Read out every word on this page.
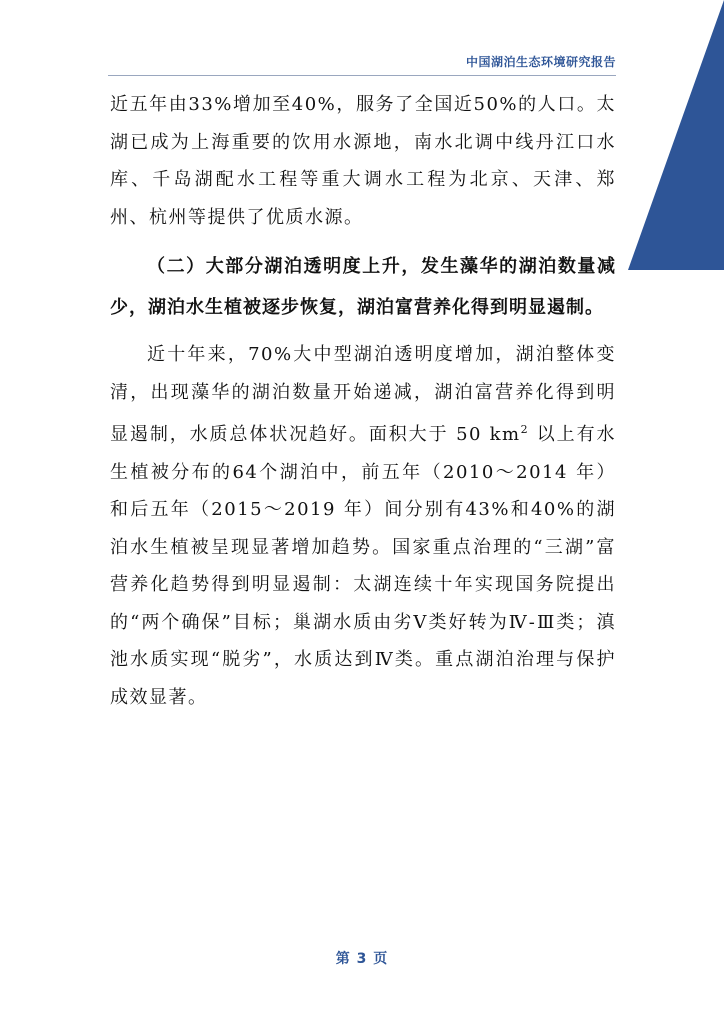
中国湖泊生态环境研究报告

近五年由33%增加至40%，服务了全国近50%的人口。太湖已成为上海重要的饮用水源地，南水北调中线丹江口水库、千岛湖配水工程等重大调水工程为北京、天津、郑州、杭州等提供了优质水源。

（二）大部分湖泊透明度上升，发生藻华的湖泊数量减少，湖泊水生植被逐步恢复，湖泊富营养化得到明显遏制。

近十年来，70%大中型湖泊透明度增加，湖泊整体变清，出现藻华的湖泊数量开始递减，湖泊富营养化得到明显遏制，水质总体状况趋好。面积大于 50 $km^2$ 以上有水生植被分布的64个湖泊中，前五年（2010～2014 年）和后五年（2015～2019 年）间分别有43%和40%的湖泊水生植被呈现显著增加趋势。国家重点治理的“三湖”富营养化趋势得到明显遏制：太湖连续十年实现国务院提出的“两个确保”目标；巢湖水质由劣Ⅴ类好转为Ⅳ-Ⅲ类；滇池水质实现“脱劣”，水质达到Ⅳ类。重点湖泊治理与保护成效显著。

第 3 页
